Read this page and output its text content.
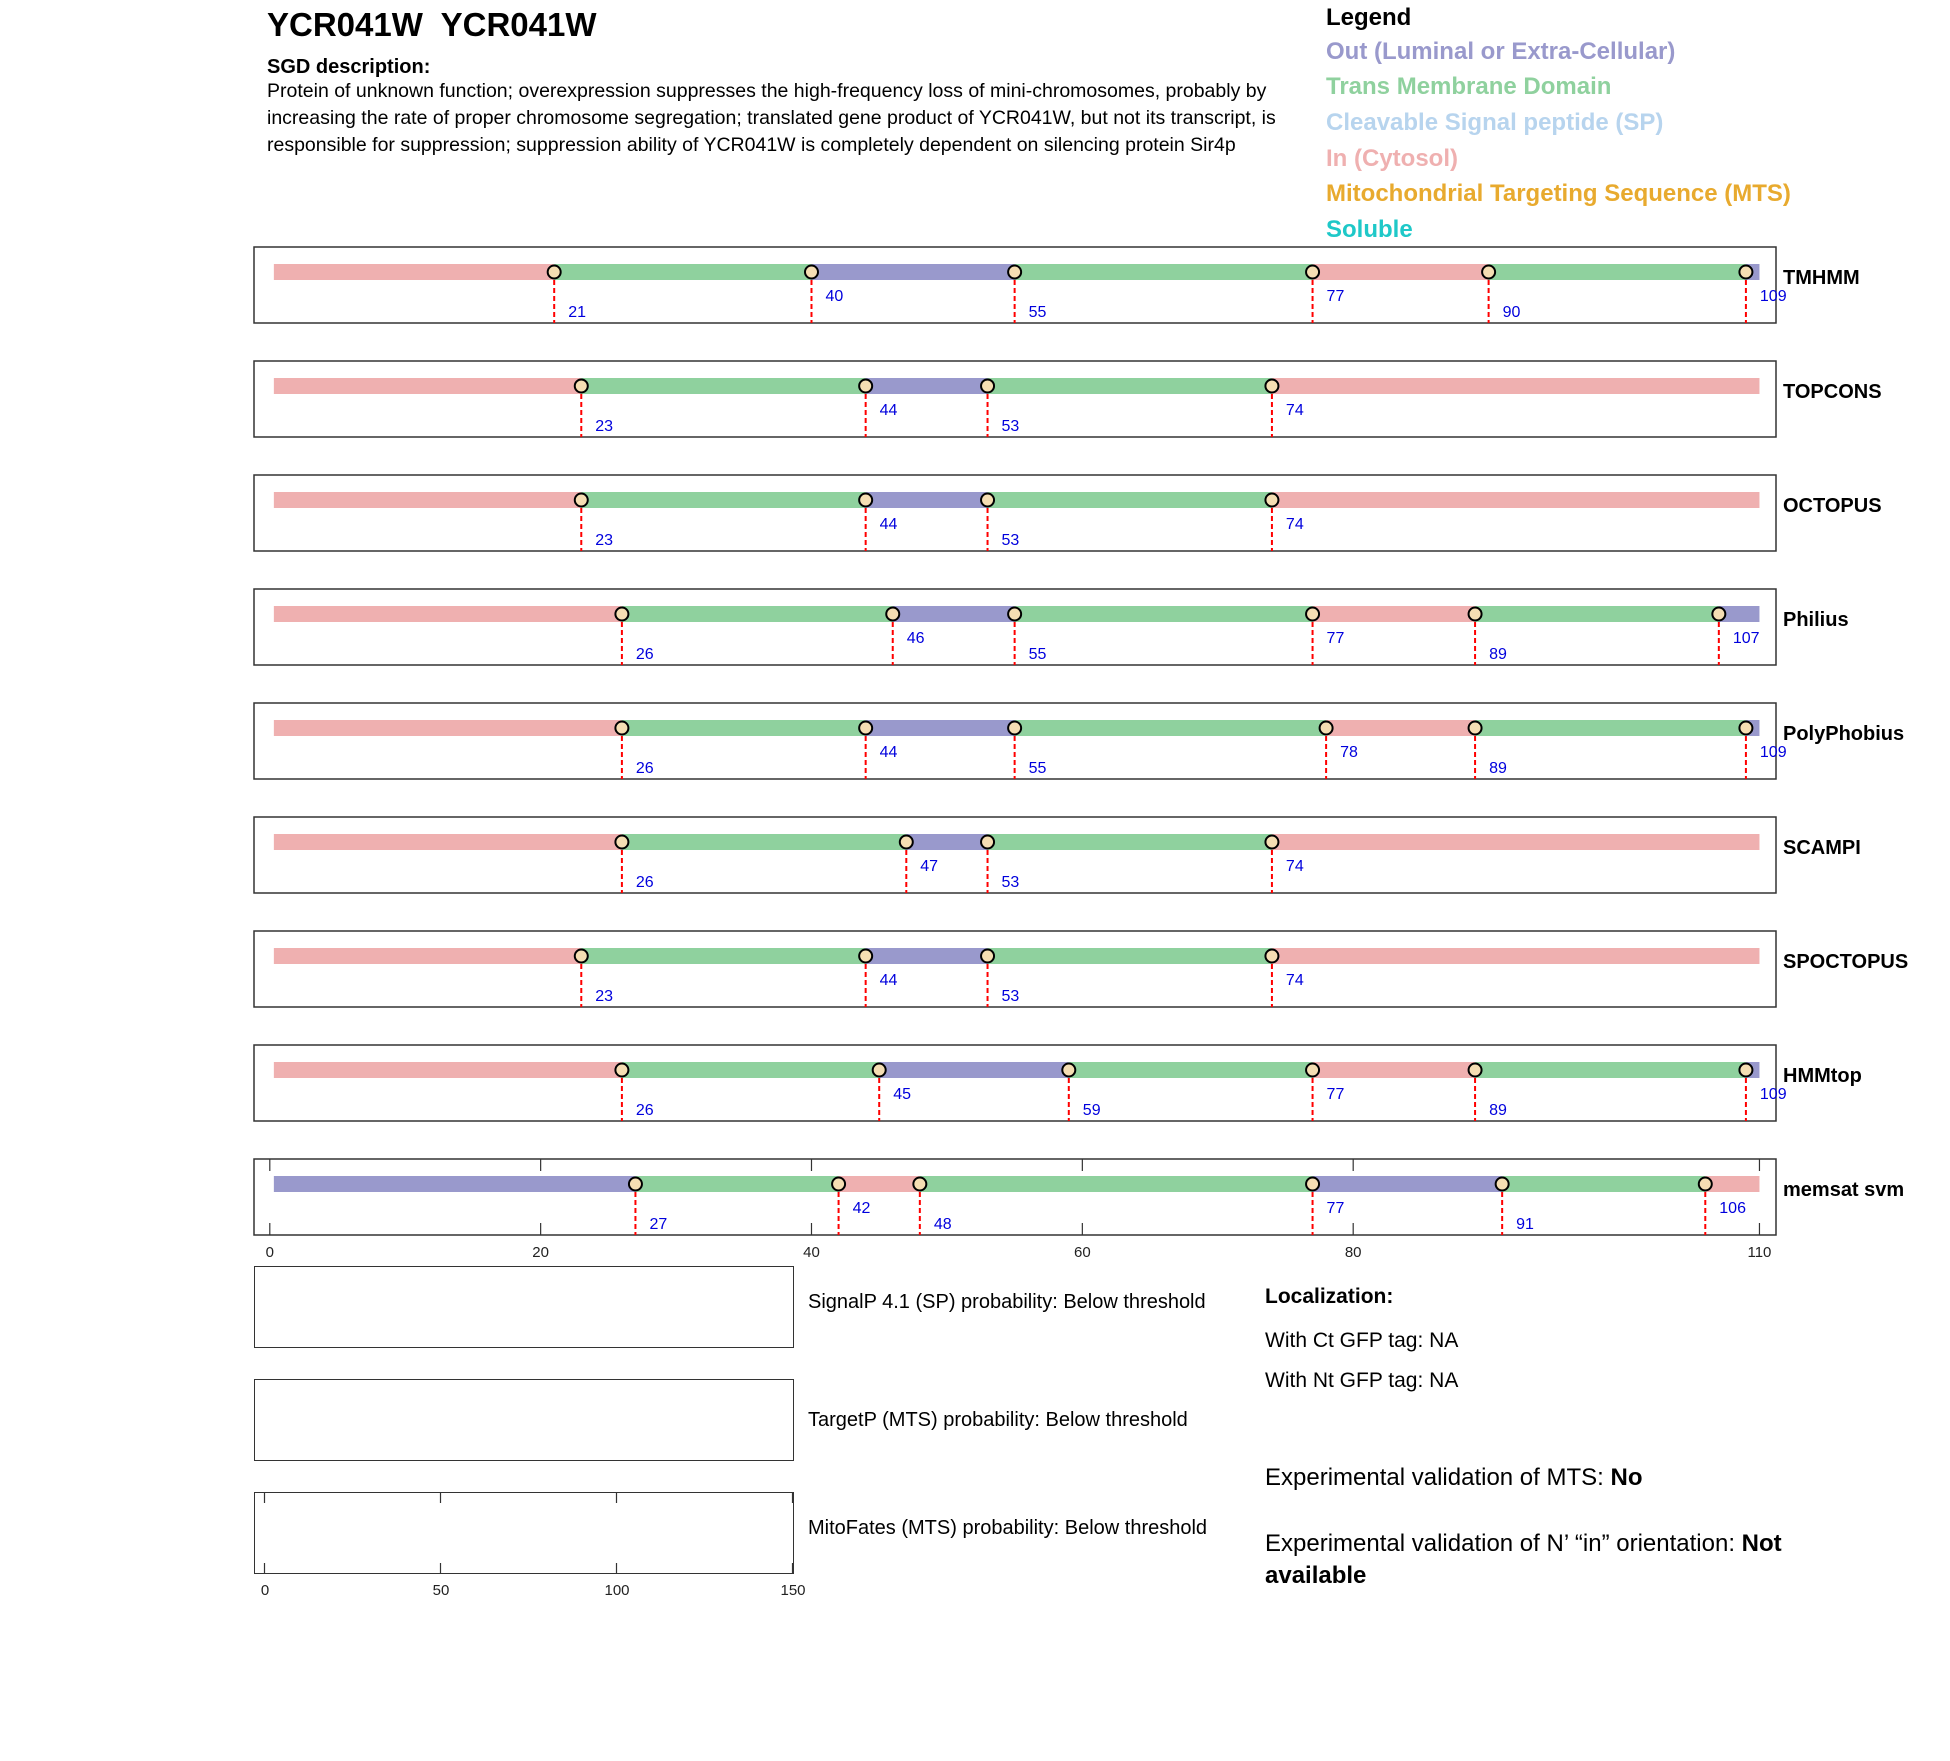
YCR041W  YCR041W
SGD description:
Protein of unknown function; overexpression suppresses the high-frequency loss of mini-chromosomes, probably by increasing the rate of proper chromosome segregation; translated gene product of YCR041W, but not its transcript, is responsible for suppression; suppression ability of YCR041W is completely dependent on silencing protein Sir4p
Legend
Out (Luminal or Extra-Cellular)
Trans Membrane Domain
Cleavable Signal peptide (SP)
In (Cytosol)
Mitochondrial Targeting Sequence (MTS)
Soluble
21
40
55
77
90
109
TMHMM
23
44
53
74
TOPCONS
23
44
53
74
OCTOPUS
26
46
55
77
89
107
Philius
26
44
55
78
89
109
PolyPhobius
26
47
53
74
SCAMPI
23
44
53
74
SPOCTOPUS
26
45
59
77
89
109
HMMtop
27
42
48
77
91
106
memsat svm
0	20	40	60	80	110
SignalP 4.1 (SP) probability: Below threshold
TargetP (MTS) probability: Below threshold
MitoFates (MTS) probability: Below threshold
0	50	100	150
Localization:
With Ct GFP tag: NA
With Nt GFP tag: NA
Experimental validation of MTS: No
Experimental validation of N’ “in” orientation: Not available
